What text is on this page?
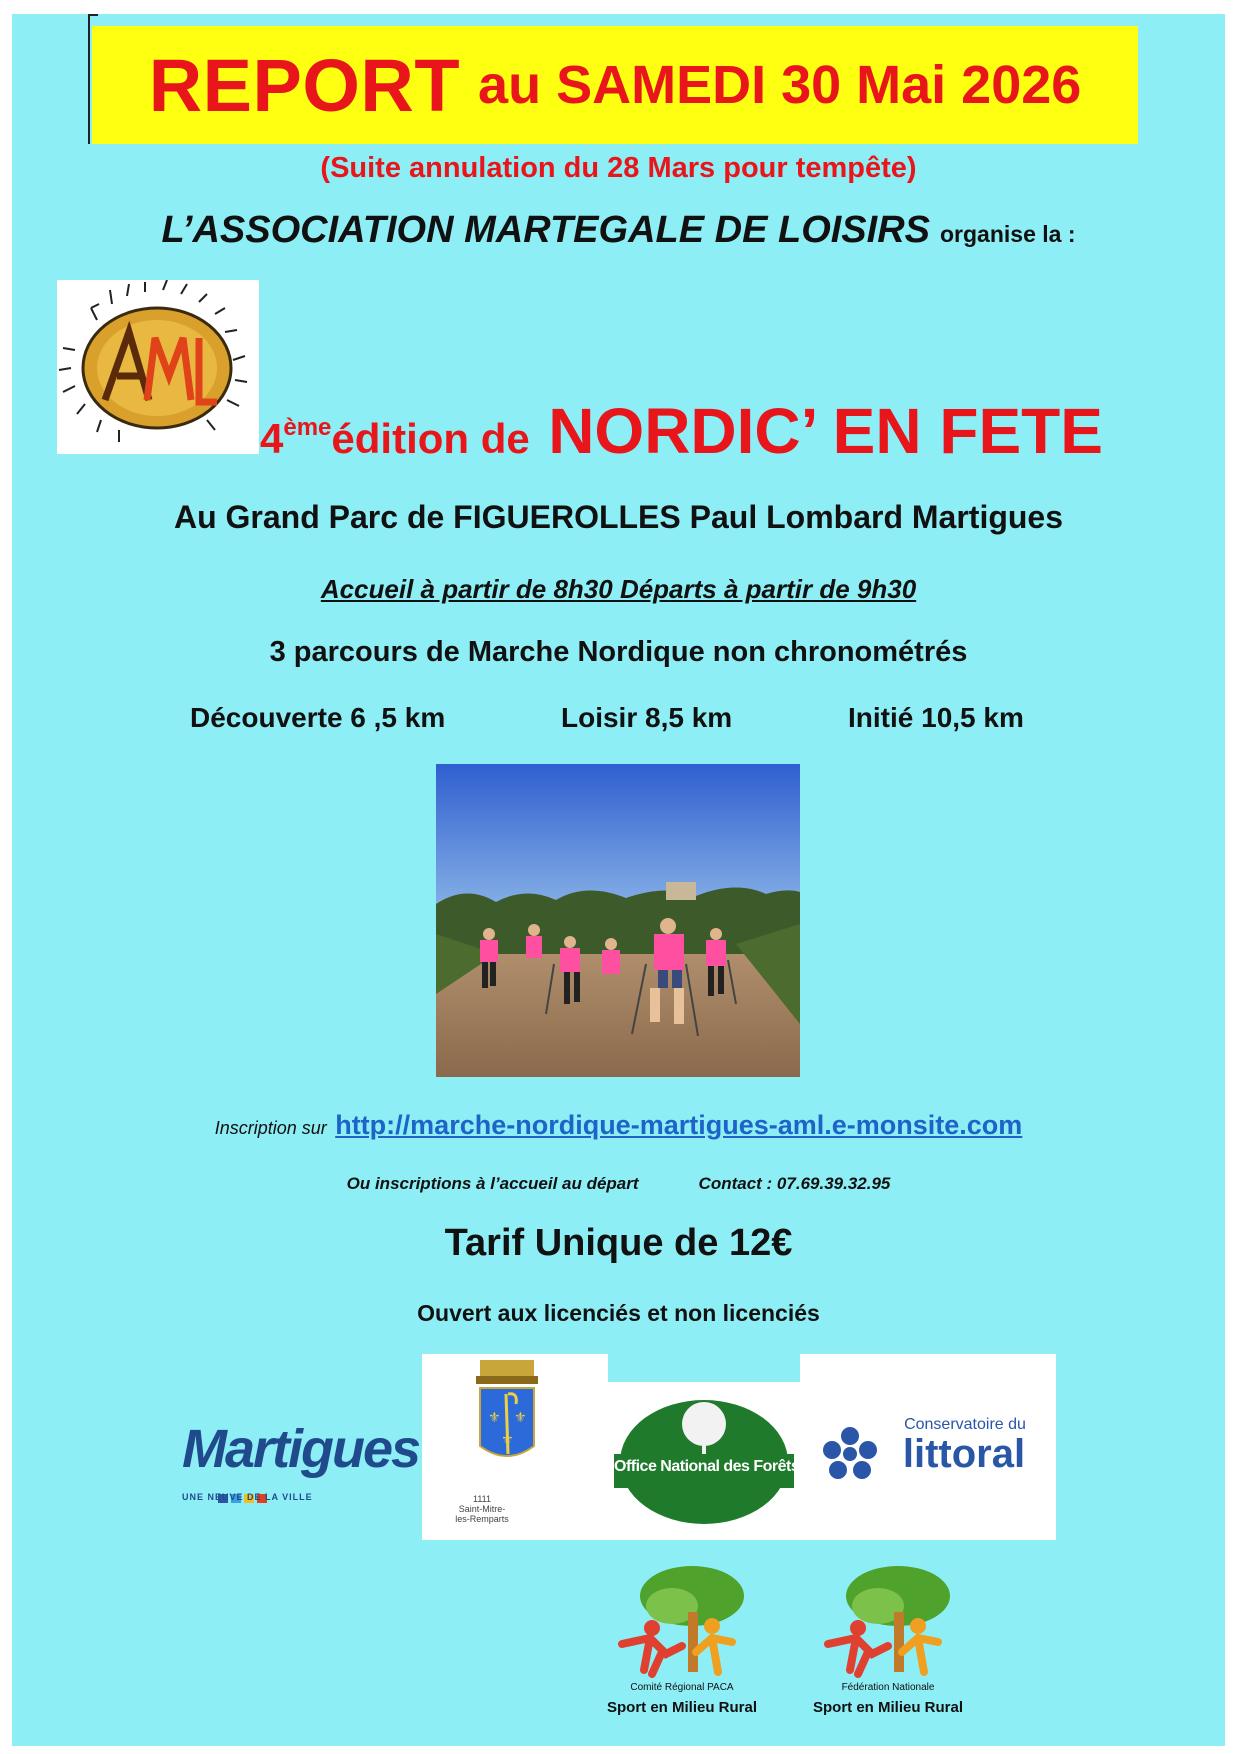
REPORT au SAMEDI 30 Mai 2026
(Suite annulation du 28 Mars pour tempête)
L’ASSOCIATION MARTEGALE DE LOISIRS organise la :
AML 4èmeédition de NORDIC’ EN FETE
Au Grand Parc de FIGUEROLLES Paul Lombard Martigues
Accueil à partir de 8h30 Départs à partir de 9h30
3 parcours de Marche Nordique non chronométrés
Découverte 6 ,5 km	Loisir 8,5 km	Initié 10,5 km
Inscription sur http://marche-nordique-martigues-aml.e-monsite.com
Ou inscriptions à l’accueil au départ	Contact : 07.69.39.32.95
Tarif Unique de 12€
Ouvert aux licenciés et non licenciés
⚜ ⚜
⚜
1111
Saint-Mitre-
les-Remparts
Office National des Forêts
Conservatoire du
littoral
Martigues
UNE NEUVE DE LA VILLE
Comité Régional PACA
Sport en Milieu Rural
Fédération Nationale
Sport en Milieu Rural
